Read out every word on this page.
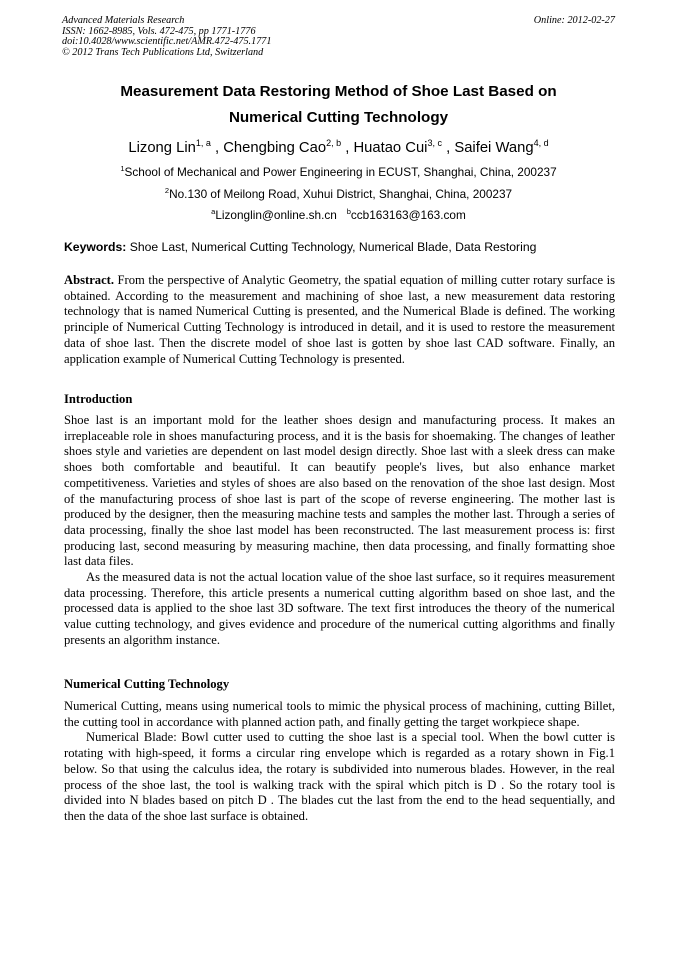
Advanced Materials Research
ISSN: 1662-8985, Vols. 472-475, pp 1771-1776
doi:10.4028/www.scientific.net/AMR.472-475.1771
© 2012 Trans Tech Publications Ltd, Switzerland
Online: 2012-02-27
Measurement Data Restoring Method of Shoe Last Based on
Numerical Cutting Technology
Lizong Lin$^{1, a}$ , Chengbing Cao$^{2, b}$ , Huatao Cui$^{3, c}$ , Saifei Wang$^{4, d}$
$^1$School of Mechanical and Power Engineering in ECUST, Shanghai, China, 200237
$^2$No.130 of Meilong Road, Xuhui District, Shanghai, China, 200237
$^a$Lizonglin@online.sh.cn $^b$ccb163163@163.com
Keywords: Shoe Last, Numerical Cutting Technology, Numerical Blade, Data Restoring

Abstract. From the perspective of Analytic Geometry, the spatial equation of milling cutter rotary surface is obtained. According to the measurement and machining of shoe last, a new measurement data restoring technology that is named Numerical Cutting is presented, and the Numerical Blade is defined. The working principle of Numerical Cutting Technology is introduced in detail, and it is used to restore the measurement data of shoe last. Then the discrete model of shoe last is gotten by shoe last CAD software. Finally, an application example of Numerical Cutting Technology is presented.

Introduction

Shoe last is an important mold for the leather shoes design and manufacturing process. It makes an irreplaceable role in shoes manufacturing process, and it is the basis for shoemaking. The changes of leather shoes style and varieties are dependent on last model design directly. Shoe last with a sleek dress can make shoes both comfortable and beautiful. It can beautify people's lives, but also enhance market competitiveness. Varieties and styles of shoes are also based on the renovation of the shoe last design. Most of the manufacturing process of shoe last is part of the scope of reverse engineering. The mother last is produced by the designer, then the measuring machine tests and samples the mother last. Through a series of data processing, finally the shoe last model has been reconstructed. The last measurement process is: first producing last, second measuring by measuring machine, then data processing, and finally formatting shoe last data files.

As the measured data is not the actual location value of the shoe last surface, so it requires measurement data processing. Therefore, this article presents a numerical cutting algorithm based on shoe last, and the processed data is applied to the shoe last 3D software. The text first introduces the theory of the numerical value cutting technology, and gives evidence and procedure of the numerical cutting algorithms and finally presents an algorithm instance.

Numerical Cutting Technology

Numerical Cutting, means using numerical tools to mimic the physical process of machining, cutting Billet, the cutting tool in accordance with planned action path, and finally getting the target workpiece shape.

Numerical Blade: Bowl cutter used to cutting the shoe last is a special tool. When the bowl cutter is rotating with high-speed, it forms a circular ring envelope which is regarded as a rotary shown in Fig.1 below. So that using the calculus idea, the rotary is subdivided into numerous blades. However, in the real process of the shoe last, the tool is walking track with the spiral which pitch is D . So the rotary tool is divided into N blades based on pitch D . The blades cut the last from the end to the head sequentially, and then the data of the shoe last surface is obtained.
